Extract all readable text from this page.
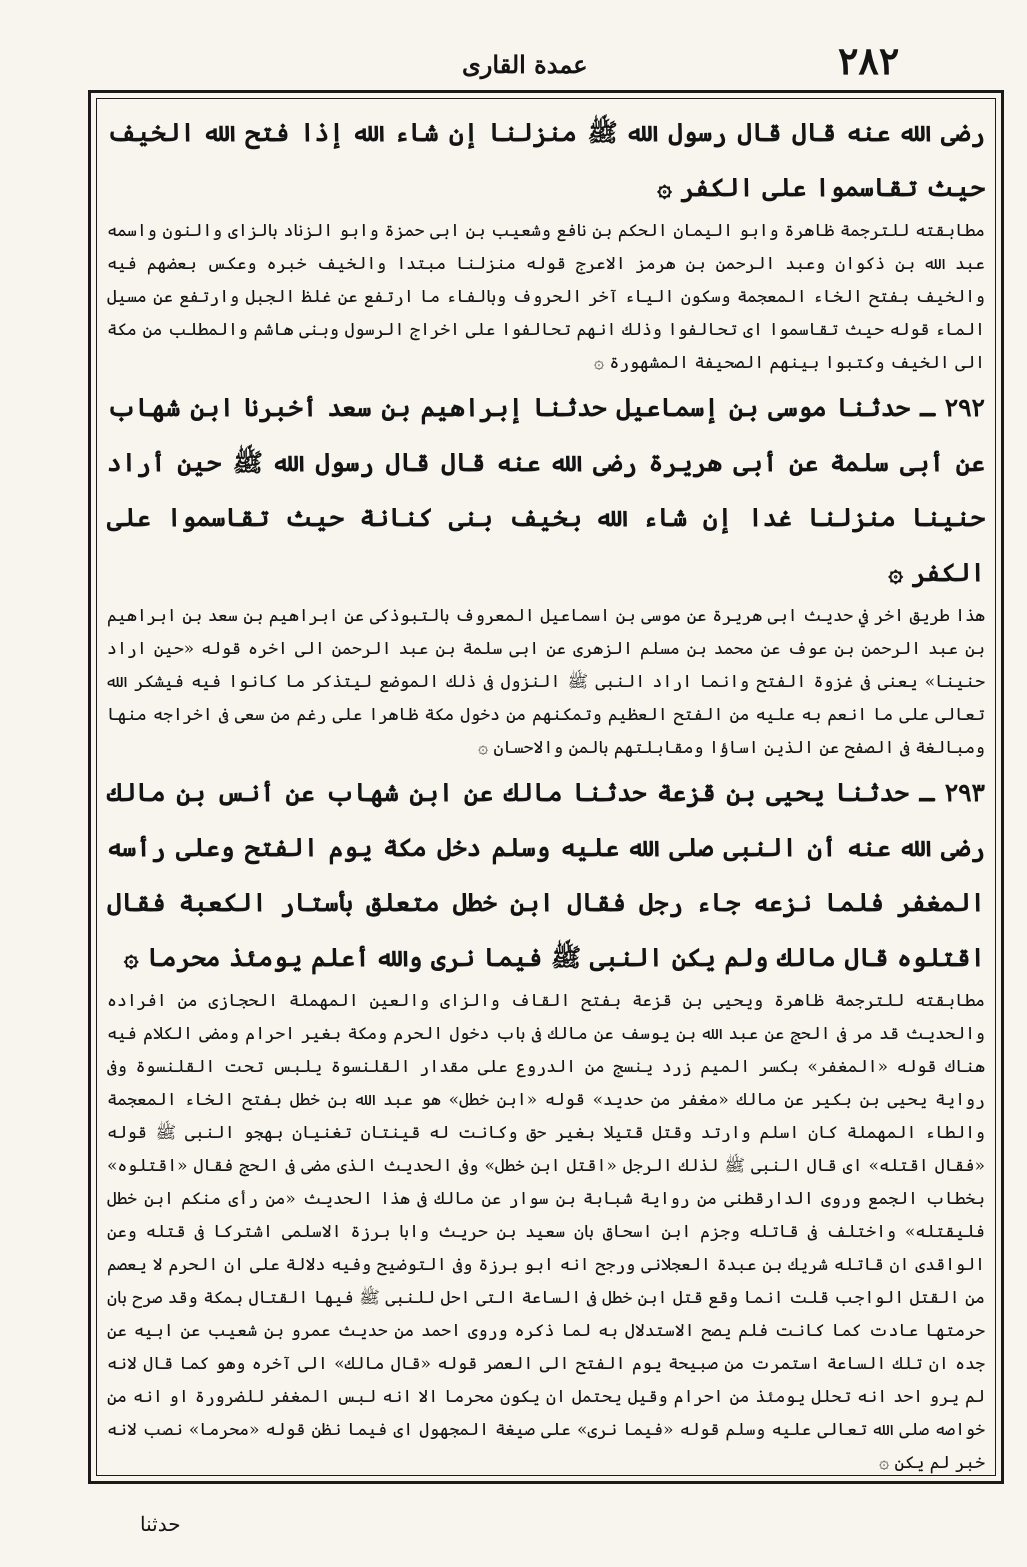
۲۸۲
عمدة القارى

رضى الله عنه قال قال رسول الله ﷺ منزلنا إن شاء الله إذا فتح الله الخيف حيث تقاسموا على الكفر ۞

مطابقته للترجمة ظاهرة وابو اليمان الحكم بن نافع وشعيب بن ابى حمزة وابو الزناد بالزاى والنون واسمه عبد الله بن ذكوان وعبد الرحمن بن هرمز الاعرج قوله منزلنا مبتدا والخيف خبره وعكس بعضهم فيه والخيف بفتح الخاء المعجمة وسكون الياء آخر الحروف وبالفاء ما ارتفع عن غلظ الجبل وارتفع عن مسيل الماء قوله حيث تقاسموا اى تحالفوا وذلك انهم تحالفوا على اخراج الرسول وبنى هاشم والمطلب من مكة الى الخيف وكتبوا بينهم الصحيفة المشهورة ۞

٢٩٢ ـ حدثنا موسى بن إسماعيل حدثنا إبراهيم بن سعد أخبرنا ابن شهاب عن أبى سلمة عن أبى هريرة رضى الله عنه قال قال رسول الله ﷺ حين أراد حنينا منزلنا غدا إن شاء الله بخيف بنى كنانة حيث تقاسموا على الكفر ۞

هذا طريق اخر في حديث ابى هريرة عن موسى بن اسماعيل المعروف بالتبوذكى عن ابراهيم بن سعد بن ابراهيم بن عبد الرحمن بن عوف عن محمد بن مسلم الزهرى عن ابى سلمة بن عبد الرحمن الى اخره قوله «حين اراد حنينا» يعنى فى غزوة الفتح وانما اراد النبى ﷺ النزول فى ذلك الموضع ليتذكر ما كانوا فيه فيشكر الله تعالى على ما انعم به عليه من الفتح العظيم وتمكنهم من دخول مكة ظاهرا على رغم من سعى فى اخراجه منها ومبالغة فى الصفح عن الذين اساؤا ومقابلتهم بالمن والاحسان ۞

٢٩٣ ـ حدثنا يحيى بن قزعة حدثنا مالك عن ابن شهاب عن أنس بن مالك رضى الله عنه أن النبى صلى الله عليه وسلم دخل مكة يوم الفتح وعلى رأسه المغفر فلما نزعه جاء رجل فقال ابن خطل متعلق بأستار الكعبة فقال اقتلوه قال مالك ولم يكن النبى ﷺ فيما نرى والله أعلم يومئذ محرما ۞

مطابقته للترجمة ظاهرة ويحيى بن قزعة بفتح القاف والزاى والعين المهملة الحجازى من افراده والحديث قد مر فى الحج عن عبد الله بن يوسف عن مالك فى باب دخول الحرم ومكة بغير احرام ومضى الكلام فيه هناك قوله «المغفر» بكسر الميم زرد ينسج من الدروع على مقدار القلنسوة يلبس تحت القلنسوة وفى رواية يحيى بن بكير عن مالك «مغفر من حديد» قوله «ابن خطل» هو عبد الله بن خطل بفتح الخاء المعجمة والطاء المهملة كان اسلم وارتد وقتل قتيلا بغير حق وكانت له قينتان تغنيان بهجو النبى ﷺ قوله «فقال اقتله» اى قال النبى ﷺ لذلك الرجل «اقتل ابن خطل» وفى الحديث الذى مضى فى الحج فقال «اقتلوه» بخطاب الجمع وروى الدارقطنى من رواية شبابة بن سوار عن مالك فى هذا الحديث «من رأى منكم ابن خطل فليقتله» واختلف فى قاتله وجزم ابن اسحاق بان سعيد بن حريث وابا برزة الاسلمى اشتركا فى قتله وعن الواقدى ان قاتله شريك بن عبدة العجلانى ورجح انه ابو برزة وفى التوضيح وفيه دلالة على ان الحرم لا يعصم من القتل الواجب قلت انما وقع قتل ابن خطل فى الساعة التى احل للنبى ﷺ فيها القتال بمكة وقد صرح بان حرمتها عادت كما كانت فلم يصح الاستدلال به لما ذكره وروى احمد من حديث عمرو بن شعيب عن ابيه عن جده ان تلك الساعة استمرت من صبيحة يوم الفتح الى العصر قوله «قال مالك» الى آخره وهو كما قال لانه لم يرو احد انه تحلل يومئذ من احرام وقيل يحتمل ان يكون محرما الا انه لبس المغفر للضرورة او انه من خواصه صلى الله تعالى عليه وسلم قوله «فيما نرى» على صيغة المجهول اى فيما نظن قوله «محرما» نصب لانه خبر لم يكن ۞

حدثنا
